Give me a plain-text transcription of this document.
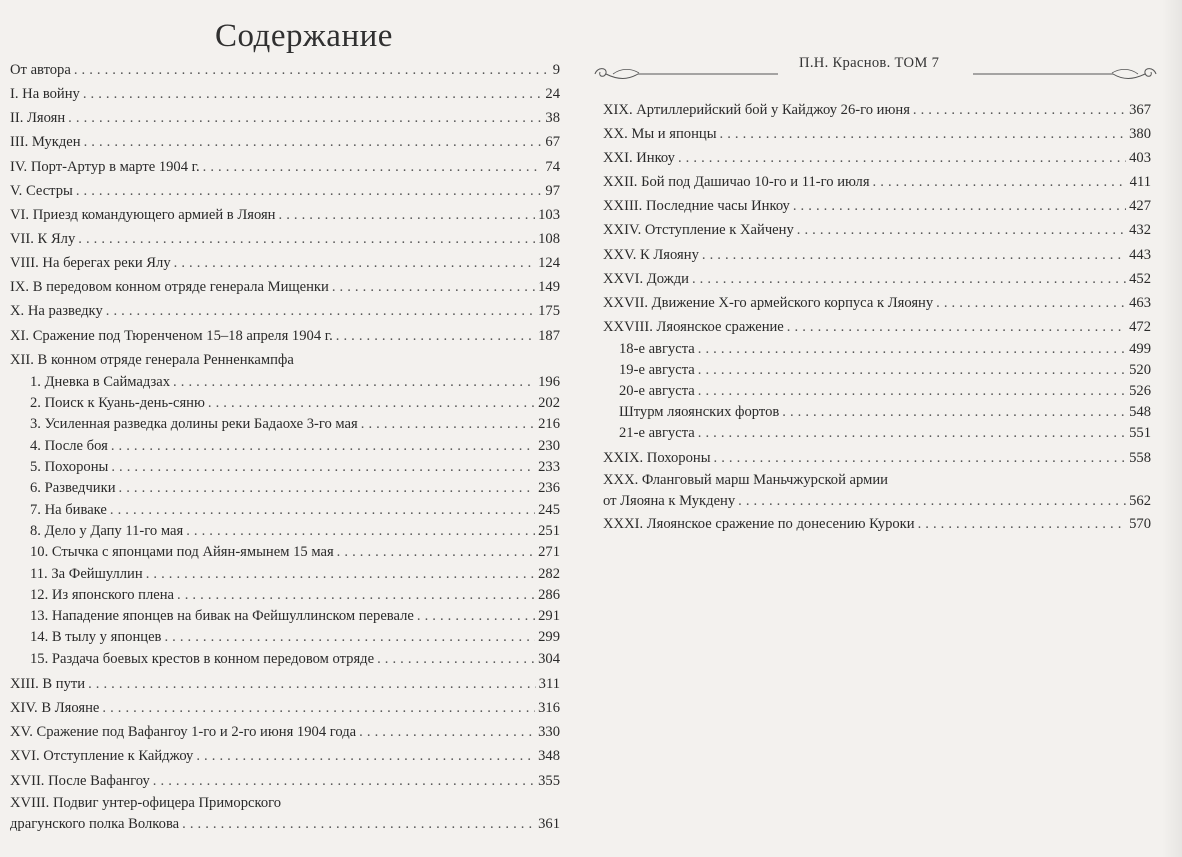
Содержание
От автора . . .	9
I. На войну . . .	24
II. Ляоян . . .	38
III. Мукден . . .	67
IV. Порт-Артур в марте 1904 г. . . .	74
V. Сестры . . .	97
VI. Приезд командующего армией в Ляоян . . .	103
VII. К Ялу . . .	108
VIII. На берегах реки Ялу . . .	124
IX. В передовом конном отряде генерала Мищенки . . .	149
X. На разведку . . .	175
XI. Сражение под Тюренченом 15–18 апреля 1904 г. . . .	187
XII. В конном отряде генерала Ренненкампфа
1. Дневка в Саймадзах . . .	196
2. Поиск к Куань-день-сяню . . .	202
3. Усиленная разведка долины реки Бадаохе 3-го мая . . .	216
4. После боя . . .	230
5. Похороны . . .	233
6. Разведчики . . .	236
7. На биваке . . .	245
8. Дело у Дапу 11-го мая . . .	251
10. Стычка с японцами под Айян-ямынем 15 мая . . .	271
11. За Фейшуллин . . .	282
12. Из японского плена . . .	286
13. Нападение японцев на бивак на Фейшуллинском перевале . . .	291
14. В тылу у японцев . . .	299
15. Раздача боевых крестов в конном передовом отряде . . .	304
XIII. В пути . . .	311
XIV. В Ляояне . . .	316
XV. Сражение под Вафангоу 1-го и 2-го июня 1904 года . . .	330
XVI. Отступление к Кайджоу . . .	348
XVII. После Вафангоу . . .	355
XVIII. Подвиг унтер-офицера Приморского
драгунского полка Волкова . . .	361
П.Н. Краснов. ТОМ 7
XIX. Артиллерийский бой у Кайджоу 26-го июня . . .	367
XX. Мы и японцы . . .	380
XXI. Инкоу . . .	403
XXII. Бой под Дашичао 10-го и 11-го июля . . .	411
XXIII. Последние часы Инкоу . . .	427
XXIV. Отступление к Хайчену . . .	432
XXV. К Ляояну . . .	443
XXVI. Дожди . . .	452
XXVII. Движение Х-го армейского корпуса к Ляояну . . .	463
XXVIII. Ляоянское сражение . . .	472
18-е августа . . .	499
19-е августа . . .	520
20-е августа . . .	526
Штурм ляоянских фортов . . .	548
21-е августа . . .	551
XXIX. Похороны . . .	558
XXX. Фланговый марш Маньчжурской армии
от Ляояна к Мукдену . . .	562
XXXI. Ляоянское сражение по донесению Куроки . . .	570
